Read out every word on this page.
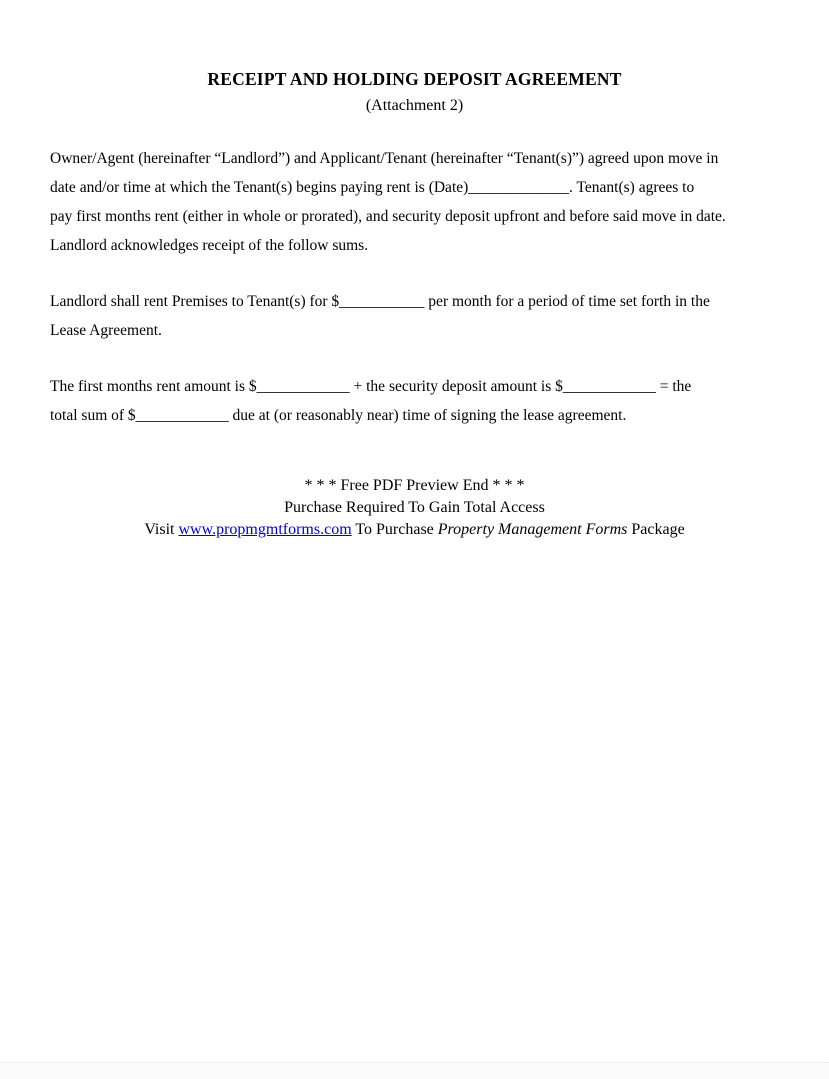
RECEIPT AND HOLDING DEPOSIT AGREEMENT
(Attachment 2)
Owner/Agent (hereinafter “Landlord”) and Applicant/Tenant (hereinafter “Tenant(s)”) agreed upon move in
date and/or time at which the Tenant(s) begins paying rent is (Date)_____________. Tenant(s) agrees to
pay first months rent (either in whole or prorated), and security deposit upfront and before said move in date.
Landlord acknowledges receipt of the follow sums.
Landlord shall rent Premises to Tenant(s) for $___________ per month for a period of time set forth in the
Lease Agreement.
The first months rent amount is $____________ + the security deposit amount is $____________ = the
total sum of $____________ due at (or reasonably near) time of signing the lease agreement.
* * * Free PDF Preview End * * *
Purchase Required To Gain Total Access
Visit www.propmgmtforms.com To Purchase Property Management Forms Package
